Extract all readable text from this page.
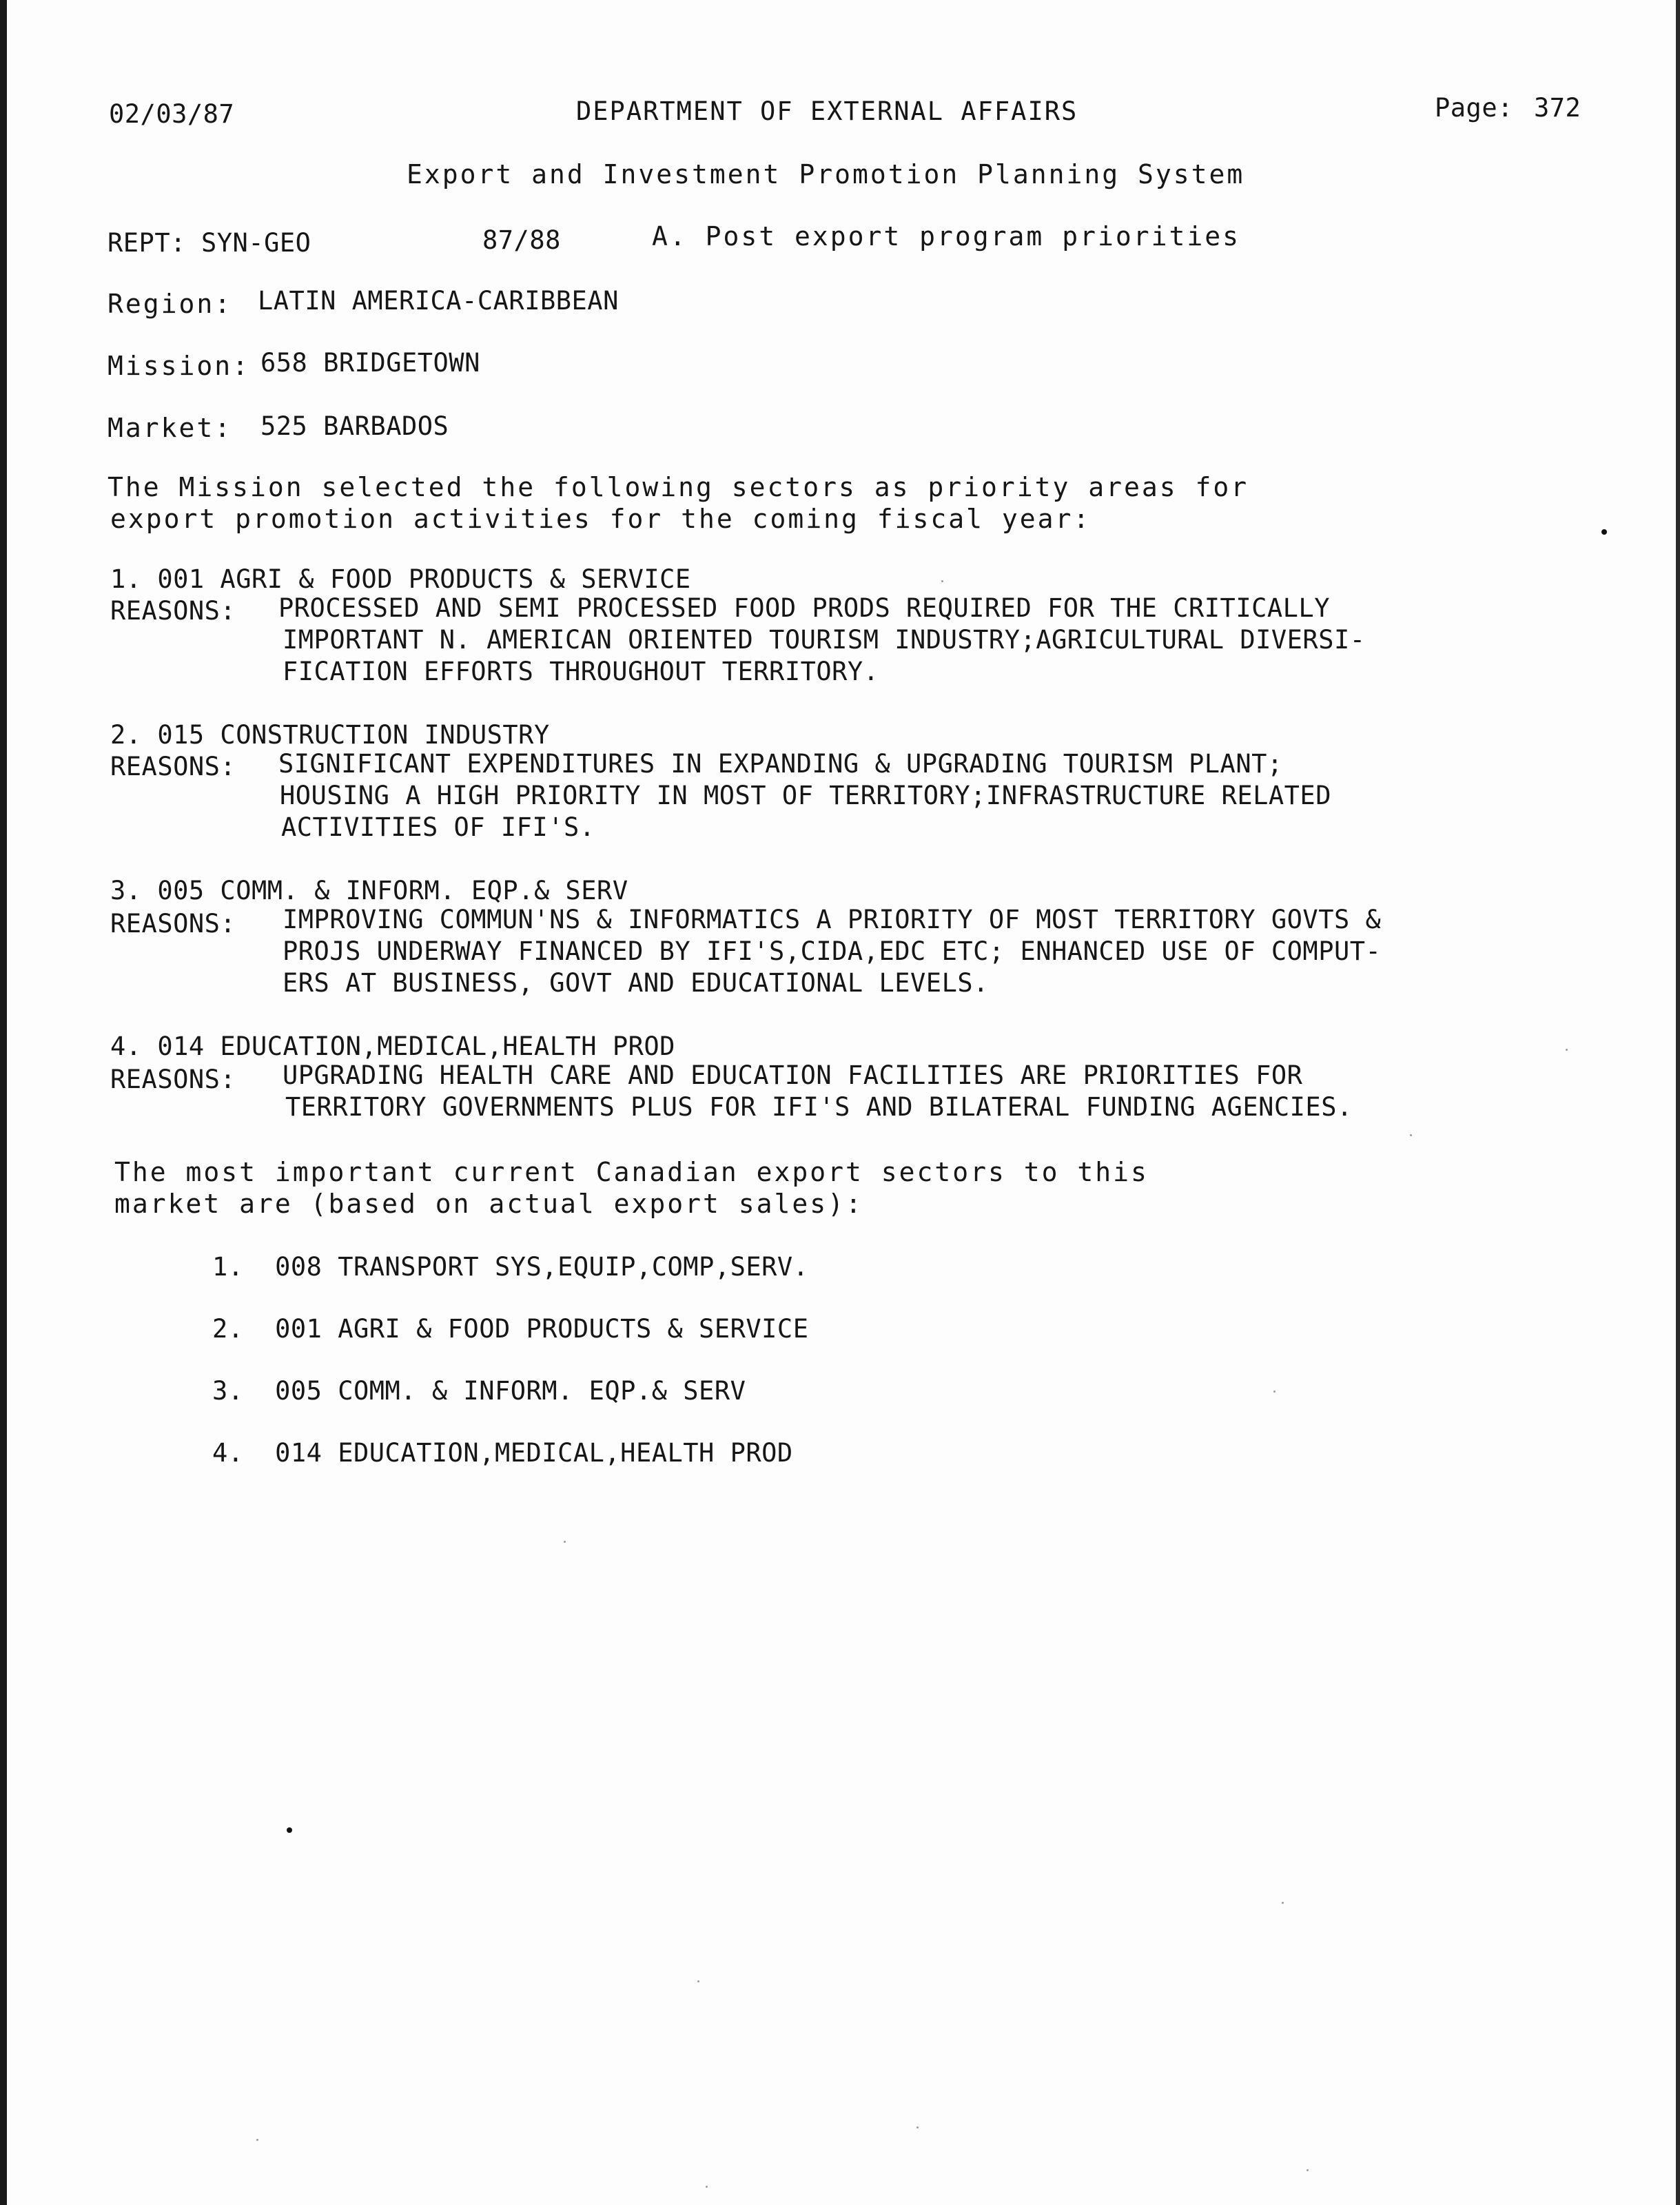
02/03/87	DEPARTMENT OF EXTERNAL AFFAIRS	Page: 372
Export and Investment Promotion Planning System
REPT: SYN-GEO	87/88	A. Post export program priorities
Region: LATIN AMERICA-CARIBBEAN
Mission: 658 BRIDGETOWN
Market: 525 BARBADOS
The Mission selected the following sectors as priority areas for
export promotion activities for the coming fiscal year:
1. 001 AGRI & FOOD PRODUCTS & SERVICE
REASONS: PROCESSED AND SEMI PROCESSED FOOD PRODS REQUIRED FOR THE CRITICALLY
IMPORTANT N. AMERICAN ORIENTED TOURISM INDUSTRY;AGRICULTURAL DIVERSI-
FICATION EFFORTS THROUGHOUT TERRITORY.
2. 015 CONSTRUCTION INDUSTRY
REASONS: SIGNIFICANT EXPENDITURES IN EXPANDING & UPGRADING TOURISM PLANT;
HOUSING A HIGH PRIORITY IN MOST OF TERRITORY;INFRASTRUCTURE RELATED
ACTIVITIES OF IFI'S.
3. 005 COMM. & INFORM. EQP.& SERV
REASONS: IMPROVING COMMUN'NS & INFORMATICS A PRIORITY OF MOST TERRITORY GOVTS &
PROJS UNDERWAY FINANCED BY IFI'S,CIDA,EDC ETC; ENHANCED USE OF COMPUT-
ERS AT BUSINESS, GOVT AND EDUCATIONAL LEVELS.
4. 014 EDUCATION,MEDICAL,HEALTH PROD
REASONS: UPGRADING HEALTH CARE AND EDUCATION FACILITIES ARE PRIORITIES FOR
TERRITORY GOVERNMENTS PLUS FOR IFI'S AND BILATERAL FUNDING AGENCIES.
The most important current Canadian export sectors to this
market are (based on actual export sales):
1.  008 TRANSPORT SYS,EQUIP,COMP,SERV.
2.  001 AGRI & FOOD PRODUCTS & SERVICE
3.  005 COMM. & INFORM. EQP.& SERV
4.  014 EDUCATION,MEDICAL,HEALTH PROD
